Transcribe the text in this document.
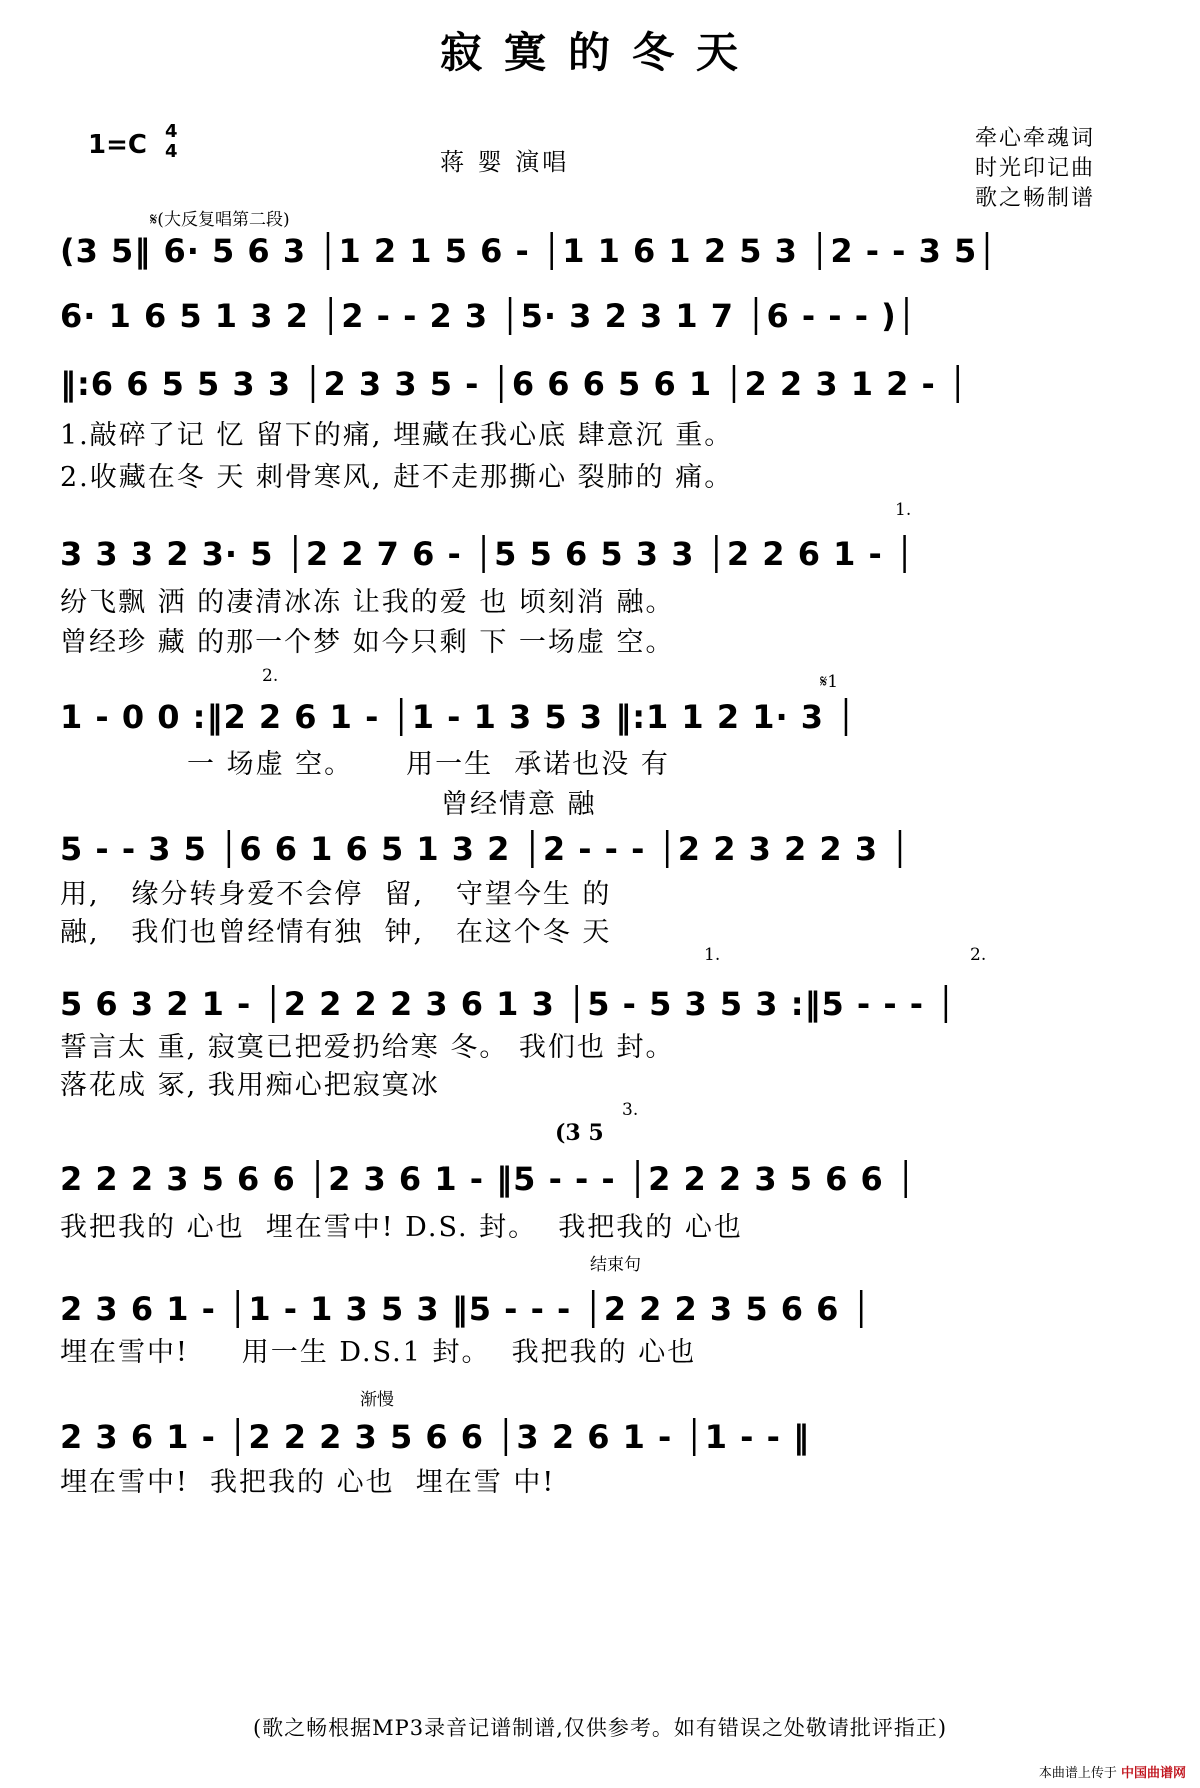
寂寞的冬天
1=C 4
4	蒋 婴 演唱
牵心牵魂词
时光印记曲
歌之畅制谱
𝄋(大反复唱第二段)
𝄋1
1.
2.
1.	2.
3.
(3 5
结束句
渐慢
(3 5‖ 6· 5 6 3 │1 2 1 5 6 - │1 1 6 1 2 5 3 │2 - - 3 5│
6· 1 6 5 1 3 2 │2 - - 2 3 │5· 3 2 3 1 7 │6 - - - )│
‖:6 6 5 5 3 3 │2 3 3 5 - │6 6 6 5 6 1 │2 2 3 1 2 - │
1.敲碎了记 忆 留下的痛, 埋藏在我心底 肆意沉 重。
2.收藏在冬 天 刺骨寒风, 赶不走那撕心 裂肺的 痛。
3 3 3 2 3· 5 │2 2 7 6 - │5 5 6 5 3 3 │2 2 6 1 - │
纷飞飘 洒 的凄清冰冻 让我的爱 也 顷刻消 融。
曾经珍 藏 的那一个梦 如今只剩 下 一场虚 空。
1 - 0 0 :‖2 2 6 1 - │1 - 1 3 5 3 ‖:1 1 2 1· 3 │
一 场虚 空。     用一生  承诺也没 有
曾经情意 融
5 - - 3 5 │6 6 1 6 5 1 3 2 │2 - - - │2 2 3 2 2 3 │
用,   缘分转身爱不会停  留,   守望今生 的
融,   我们也曾经情有独  钟,   在这个冬 天
5 6 3 2 1 - │2 2 2 2 3 6 1 3 │5 - 5 3 5 3 :‖5 - - - │
誓言太 重, 寂寞已把爱扔给寒 冬。 我们也 封。
落花成 冢, 我用痴心把寂寞冰
2 2 2 3 5 6 6 │2 3 6 1 - ‖5 - - - │2 2 2 3 5 6 6 │
我把我的 心也  埋在雪中! D.S. 封。  我把我的 心也
2 3 6 1 - │1 - 1 3 5 3 ‖5 - - - │2 2 2 3 5 6 6 │
埋在雪中!     用一生 D.S.1 封。  我把我的 心也
2 3 6 1 - │2 2 2 3 5 6 6 │3 2 6 1 - │1 - - ‖
埋在雪中!  我把我的 心也  埋在雪 中!
(歌之畅根据MP3录音记谱制谱,仅供参考。如有错误之处敬请批评指正)
本曲谱上传于 中国曲谱网
